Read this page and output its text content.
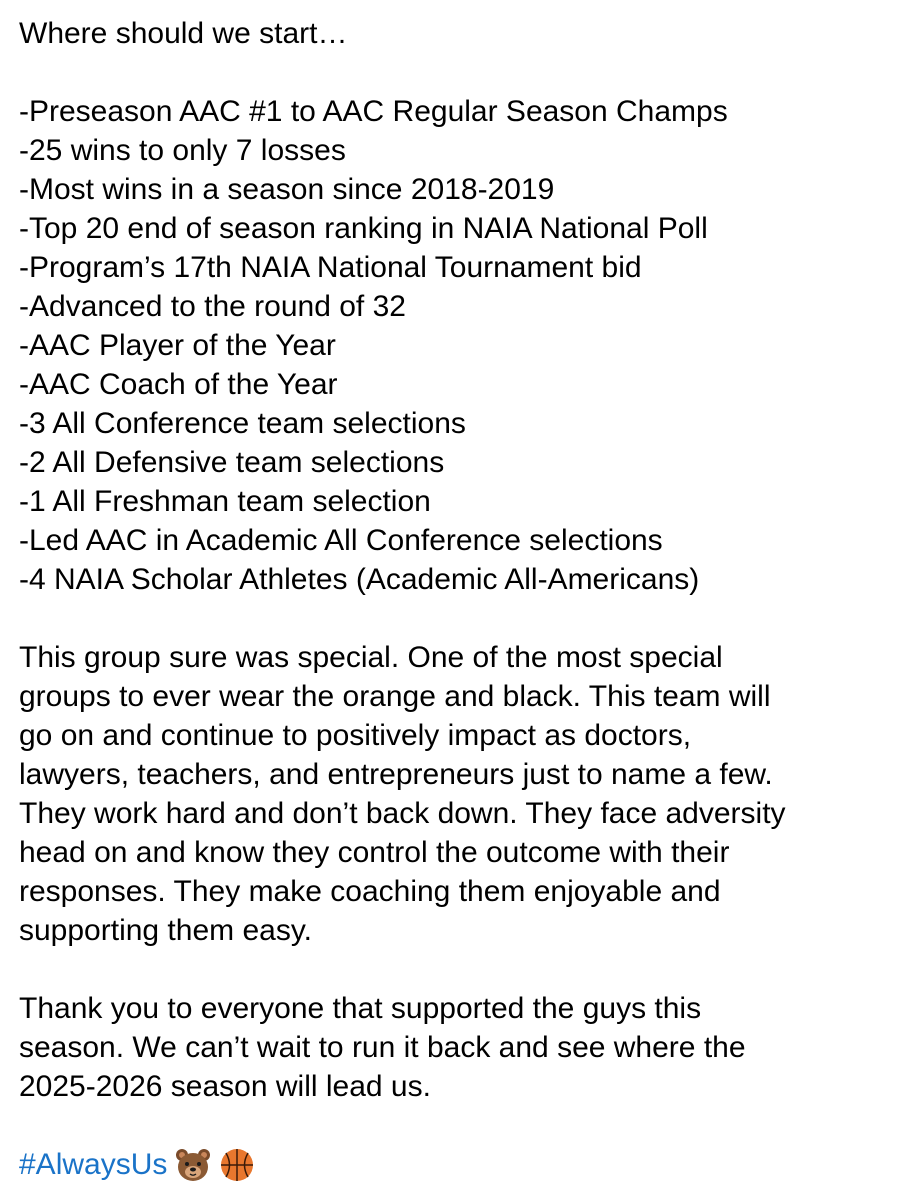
Where should we start…
-Preseason AAC #1 to AAC Regular Season Champs
-25 wins to only 7 losses
-Most wins in a season since 2018-2019
-Top 20 end of season ranking in NAIA National Poll
-Program’s 17th NAIA National Tournament bid
-Advanced to the round of 32
-AAC Player of the Year
-AAC Coach of the Year
-3 All Conference team selections
-2 All Defensive team selections
-1 All Freshman team selection
-Led AAC in Academic All Conference selections
-4 NAIA Scholar Athletes (Academic All-Americans)
This group sure was special. One of the most special
groups to ever wear the orange and black. This team will
go on and continue to positively impact as doctors,
lawyers, teachers, and entrepreneurs just to name a few.
They work hard and don’t back down. They face adversity
head on and know they control the outcome with their
responses. They make coaching them enjoyable and
supporting them easy.
Thank you to everyone that supported the guys this
season. We can’t wait to run it back and see where the
2025-2026 season will lead us.
#AlwaysUs
